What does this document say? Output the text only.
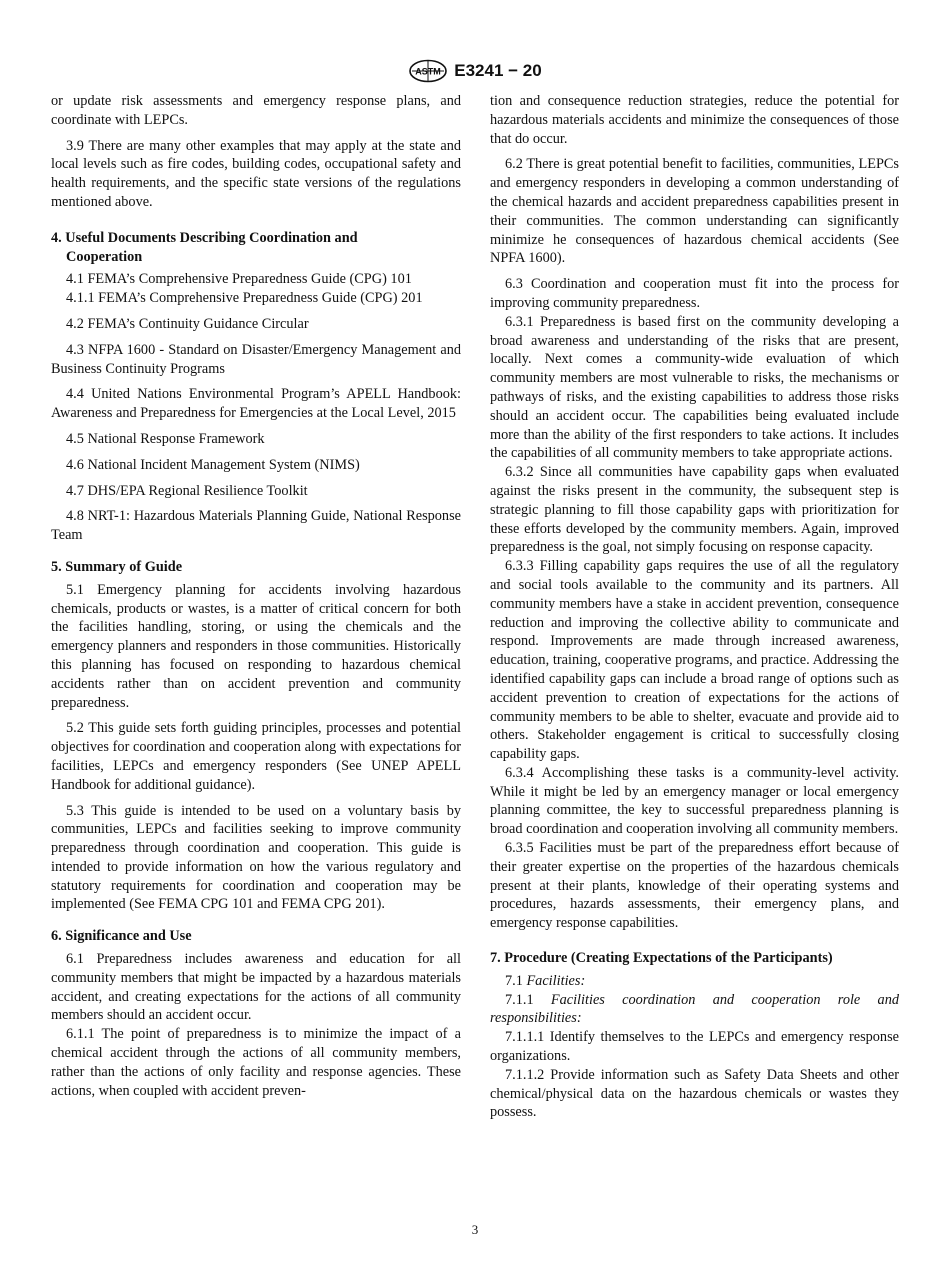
ASTM E3241 − 20

or update risk assessments and emergency response plans, and coordinate with LEPCs.

3.9 There are many other examples that may apply at the state and local levels such as fire codes, building codes, occupational safety and health requirements, and the specific state versions of the regulations mentioned above.

4. Useful Documents Describing Coordination and
Cooperation

4.1 FEMA’s Comprehensive Preparedness Guide (CPG) 101

4.1.1 FEMA’s Comprehensive Preparedness Guide (CPG) 201

4.2 FEMA’s Continuity Guidance Circular

4.3 NFPA 1600 - Standard on Disaster/Emergency Management and Business Continuity Programs

4.4 United Nations Environmental Program’s APELL Handbook: Awareness and Preparedness for Emergencies at the Local Level, 2015

4.5 National Response Framework

4.6 National Incident Management System (NIMS)

4.7 DHS/EPA Regional Resilience Toolkit

4.8 NRT-1: Hazardous Materials Planning Guide, National Response Team

5. Summary of Guide

5.1 Emergency planning for accidents involving hazardous chemicals, products or wastes, is a matter of critical concern for both the facilities handling, storing, or using the chemicals and the emergency planners and responders in those communities. Historically this planning has focused on responding to hazardous chemical accidents rather than on accident prevention and community preparedness.

5.2 This guide sets forth guiding principles, processes and potential objectives for coordination and cooperation along with expectations for facilities, LEPCs and emergency responders (See UNEP APELL Handbook for additional guidance).

5.3 This guide is intended to be used on a voluntary basis by communities, LEPCs and facilities seeking to improve community preparedness through coordination and cooperation. This guide is intended to provide information on how the various regulatory and statutory requirements for coordination and cooperation may be implemented (See FEMA CPG 101 and FEMA CPG 201).

6. Significance and Use

6.1 Preparedness includes awareness and education for all community members that might be impacted by a hazardous materials accident, and creating expectations for the actions of all community members should an accident occur.

6.1.1 The point of preparedness is to minimize the impact of a chemical accident through the actions of all community members, rather than the actions of only facility and response agencies. These actions, when coupled with accident preven-

tion and consequence reduction strategies, reduce the potential for hazardous materials accidents and minimize the consequences of those that do occur.

6.2 There is great potential benefit to facilities, communities, LEPCs and emergency responders in developing a common understanding of the chemical hazards and accident preparedness capabilities present in their communities. The common understanding can significantly minimize he consequences of hazardous chemical accidents (See NPFA 1600).

6.3 Coordination and cooperation must fit into the process for improving community preparedness.

6.3.1 Preparedness is based first on the community developing a broad awareness and understanding of the risks that are present, locally. Next comes a community-wide evaluation of which community members are most vulnerable to risks, the mechanisms or pathways of risks, and the existing capabilities to address those risks should an accident occur. The capabilities being evaluated include more than the ability of the first responders to take actions. It includes the capabilities of all community members to take appropriate actions.

6.3.2 Since all communities have capability gaps when evaluated against the risks present in the community, the subsequent step is strategic planning to fill those capability gaps with prioritization for these efforts developed by the community members. Again, improved preparedness is the goal, not simply focusing on response capacity.

6.3.3 Filling capability gaps requires the use of all the regulatory and social tools available to the community and its partners. All community members have a stake in accident prevention, consequence reduction and improving the collective ability to communicate and respond. Improvements are made through increased awareness, education, training, cooperative programs, and practice. Addressing the identified capability gaps can include a broad range of options such as accident prevention to creation of expectations for the actions of community members to be able to shelter, evacuate and provide aid to others. Stakeholder engagement is critical to successfully closing capability gaps.

6.3.4 Accomplishing these tasks is a community-level activity. While it might be led by an emergency manager or local emergency planning committee, the key to successful preparedness planning is broad coordination and cooperation involving all community members.

6.3.5 Facilities must be part of the preparedness effort because of their greater expertise on the properties of the hazardous chemicals present at their plants, knowledge of their operating systems and procedures, hazards assessments, their emergency plans, and emergency response capabilities.

7. Procedure (Creating Expectations of the Participants)

7.1 Facilities:

7.1.1 Facilities coordination and cooperation role and responsibilities:

7.1.1.1 Identify themselves to the LEPCs and emergency response organizations.

7.1.1.2 Provide information such as Safety Data Sheets and other chemical/physical data on the hazardous chemicals or wastes they possess.

3
